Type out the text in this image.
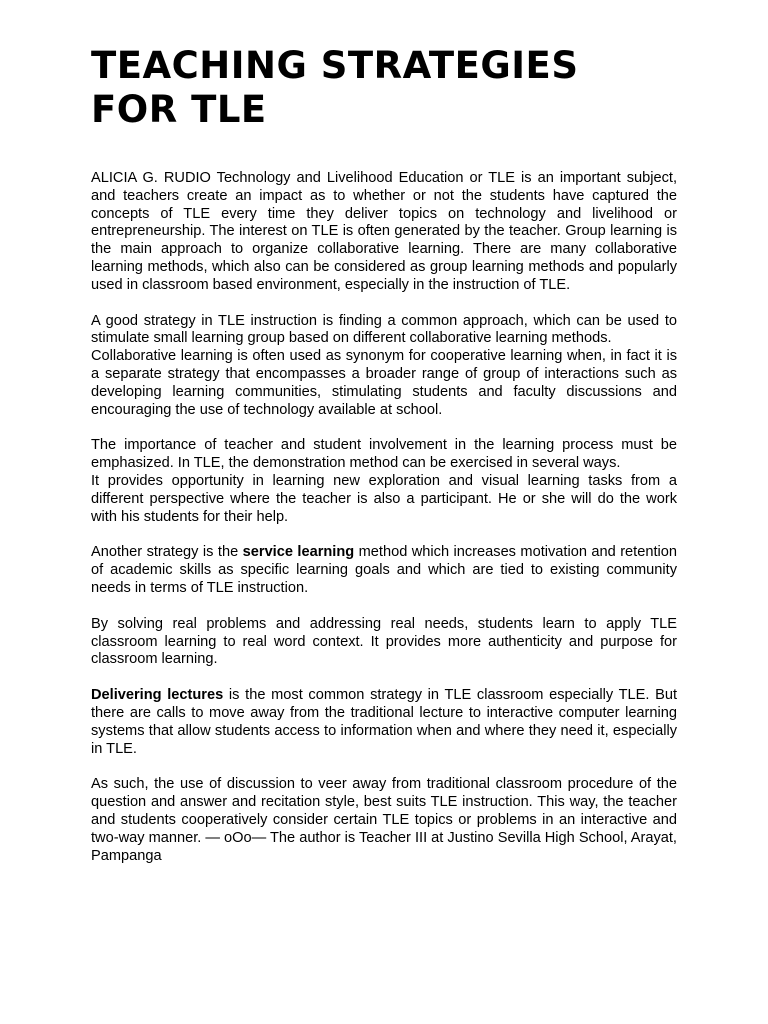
TEACHING STRATEGIES FOR TLE

ALICIA G. RUDIO Technology and Livelihood Education or TLE is an important subject, and teachers create an impact as to whether or not the students have captured the concepts of TLE every time they deliver topics on technology and livelihood or entrepreneurship. The interest on TLE is often generated by the teacher. Group learning is the main approach to organize collaborative learning. There are many collaborative learning methods, which also can be considered as group learning methods and popularly used in classroom based environment, especially in the instruction of TLE.

A good strategy in TLE instruction is finding a common approach, which can be used to stimulate small learning group based on different collaborative learning methods.
Collaborative learning is often used as synonym for cooperative learning when, in fact it is a separate strategy that encompasses a broader range of group of interactions such as developing learning communities, stimulating students and faculty discussions and encouraging the use of technology available at school.

The importance of teacher and student involvement in the learning process must be emphasized. In TLE, the demonstration method can be exercised in several ways.
It provides opportunity in learning new exploration and visual learning tasks from a different perspective where the teacher is also a participant. He or she will do the work with his students for their help.

Another strategy is the service learning method which increases motivation and retention of academic skills as specific learning goals and which are tied to existing community needs in terms of TLE instruction.

By solving real problems and addressing real needs, students learn to apply TLE classroom learning to real word context. It provides more authenticity and purpose for classroom learning.

Delivering lectures is the most common strategy in TLE classroom especially TLE. But there are calls to move away from the traditional lecture to interactive computer learning systems that allow students access to information when and where they need it, especially in TLE.

As such, the use of discussion to veer away from traditional classroom procedure of the question and answer and recitation style, best suits TLE instruction. This way, the teacher and students cooperatively consider certain TLE topics or problems in an interactive and two-way manner. — oOo— The author is Teacher III at Justino Sevilla High School, Arayat, Pampanga
